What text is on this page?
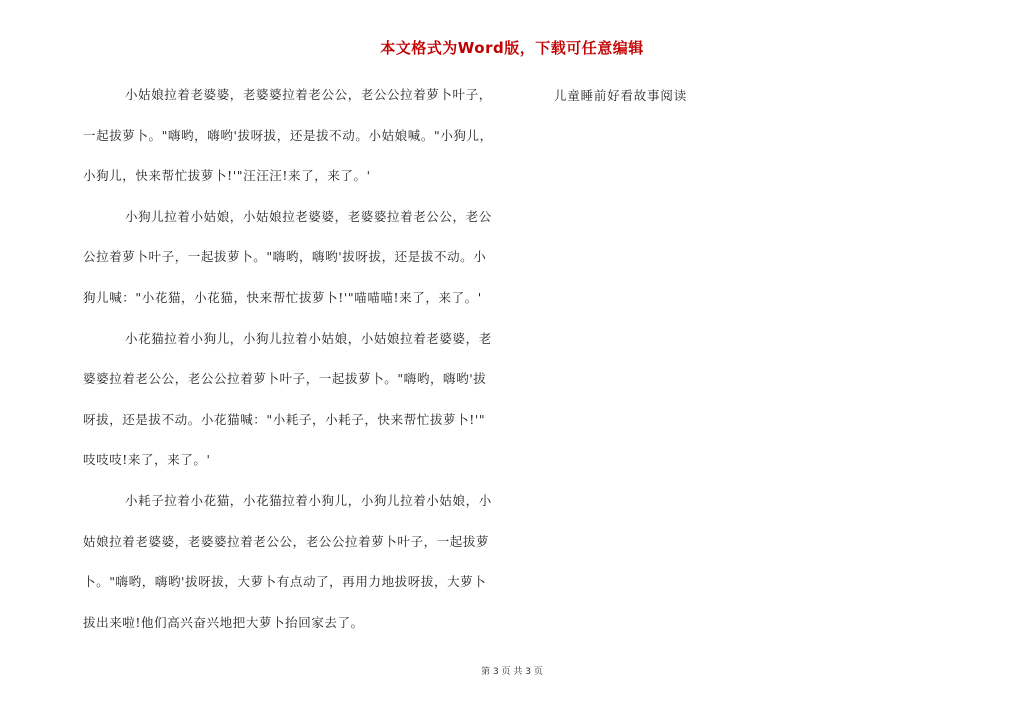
本文格式为Word版，下载可任意编辑
儿童睡前好看故事阅读
小姑娘拉着老婆婆，老婆婆拉着老公公，老公公拉着萝卜叶子，
一起拔萝卜。"嗨哟，嗨哟'拔呀拔，还是拔不动。小姑娘喊。"小狗儿，
小狗儿，快来帮忙拔萝卜!'"汪汪汪!来了，来了。'
小狗儿拉着小姑娘，小姑娘拉老婆婆，老婆婆拉着老公公，老公
公拉着萝卜叶子，一起拔萝卜。"嗨哟，嗨哟'拔呀拔，还是拔不动。小
狗儿喊："小花猫，小花猫，快来帮忙拔萝卜!'"喵喵喵!来了，来了。'
小花猫拉着小狗儿，小狗儿拉着小姑娘，小姑娘拉着老婆婆，老
婆婆拉着老公公，老公公拉着萝卜叶子，一起拔萝卜。"嗨哟，嗨哟'拔
呀拔，还是拔不动。小花猫喊："小耗子，小耗子，快来帮忙拔萝卜!'"
吱吱吱!来了，来了。'
小耗子拉着小花猫，小花猫拉着小狗儿，小狗儿拉着小姑娘，小
姑娘拉着老婆婆，老婆婆拉着老公公，老公公拉着萝卜叶子，一起拔萝
卜。"嗨哟，嗨哟'拔呀拔，大萝卜有点动了，再用力地拔呀拔，大萝卜
拔出来啦!他们高兴奋兴地把大萝卜抬回家去了。
第 3 页 共 3 页
